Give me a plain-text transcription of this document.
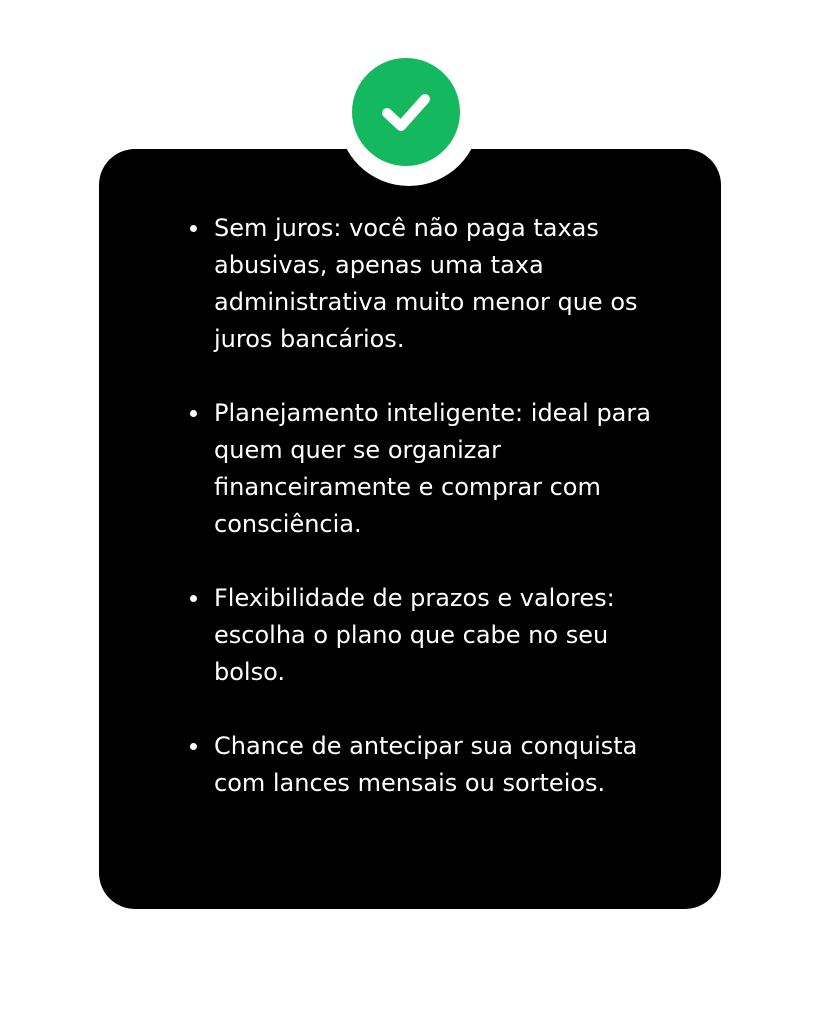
Sem juros: você não paga taxas abusivas, apenas uma taxa administrativa muito menor que os juros bancários.
Planejamento inteligente: ideal para quem quer se organizar financeiramente e comprar com consciência.
Flexibilidade de prazos e valores: escolha o plano que cabe no seu bolso.
Chance de antecipar sua conquista com lances mensais ou sorteios.
